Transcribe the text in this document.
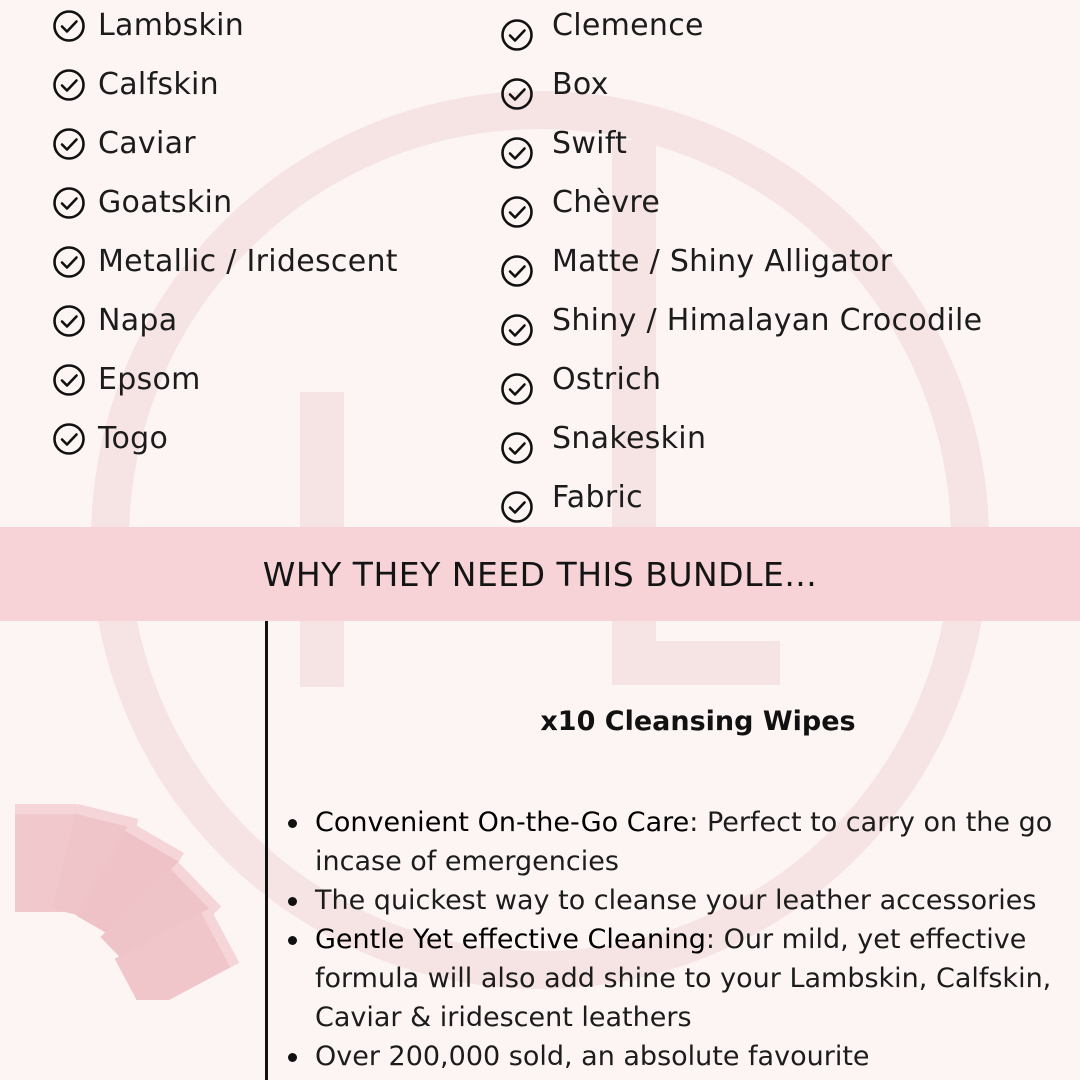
Lambskin
Calfskin
Caviar
Goatskin
Metallic / Iridescent
Napa
Epsom
Togo
Clemence
Box
Swift
Chèvre
Matte / Shiny Alligator
Shiny / Himalayan Crocodile
Ostrich
Snakeskin
Fabric
WHY THEY NEED THIS BUNDLE...
x10 Cleansing Wipes
Convenient On-the-Go Care: Perfect to carry on the go incase of emergencies
The quickest way to cleanse your leather accessories
Gentle Yet effective Cleaning: Our mild, yet effective formula will also add shine to your Lambskin, Calfskin, Caviar & iridescent leathers
Over 200,000 sold, an absolute favourite
